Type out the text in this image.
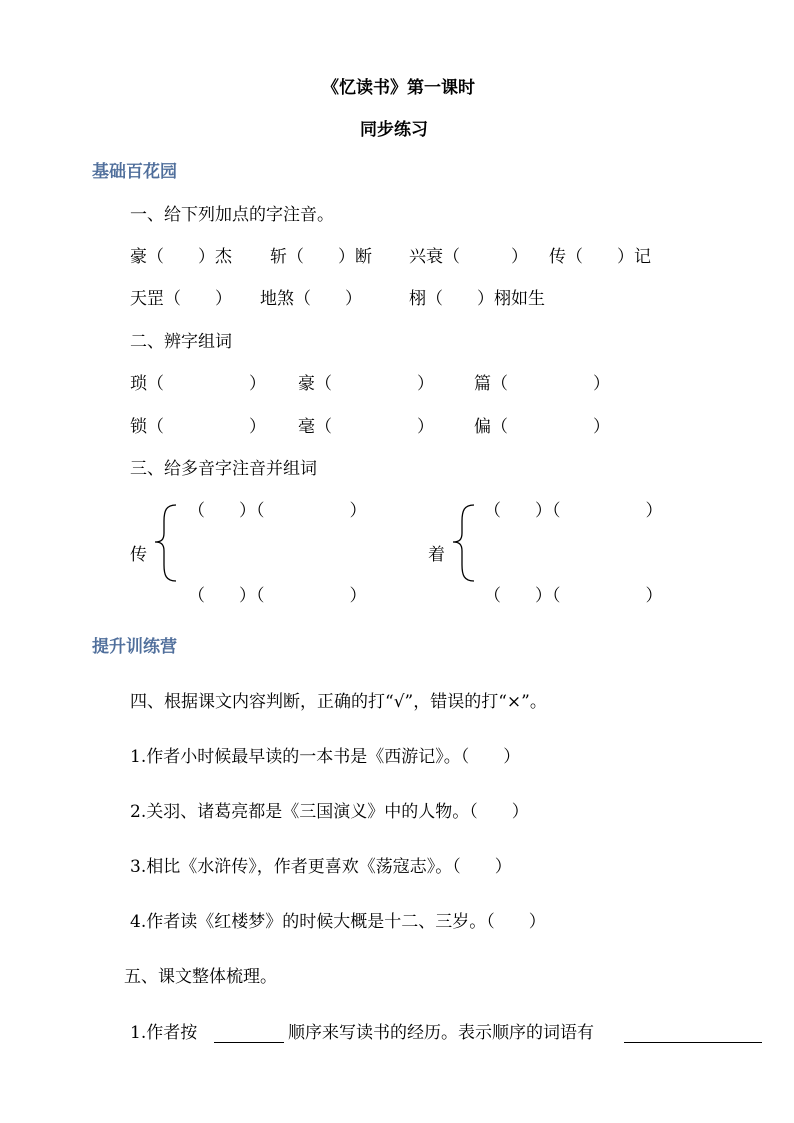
《忆读书》第一课时
同步练习
基础百花园
一、给下列加点的字注音。
豪（　　）杰 斩（　　）断 兴衰（　　　） 传（　　）记
天罡（　　） 地煞（　　）	栩（　　）栩如生
二、辨字组词
琐（　　　　　） 豪（　　　　　） 篇（　　　　　）
锁（　　　　　） 毫（　　　　　） 偏（　　　　　）
三、给多音字注音并组词
传
（　　）（　　　　　）
（　　）（　　　　　）
着
（　　）（　　　　　）
（　　）（　　　　　）
提升训练营
四、根据课文内容判断，正确的打“√”，错误的打“×”。
1.作者小时候最早读的一本书是《西游记》。（　　）
2.关羽、诸葛亮都是《三国演义》中的人物。（　　）
3.相比《水浒传》，作者更喜欢《荡寇志》。（　　）
4.作者读《红楼梦》的时候大概是十二、三岁。（　　）
五、课文整体梳理。
1.作者按	顺序来写读书的经历。表示顺序的词语有
